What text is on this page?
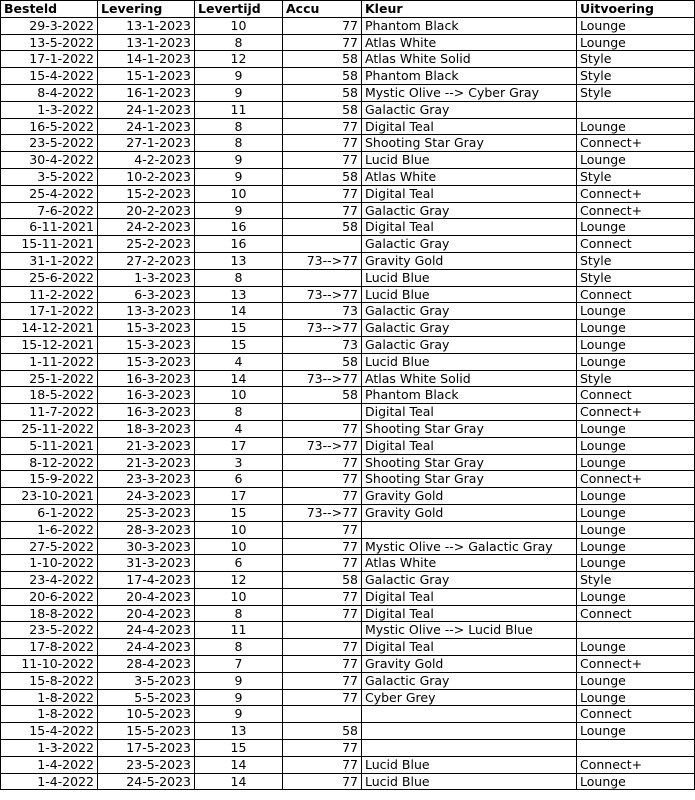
Besteld	Levering	Levertijd	Accu	Kleur	Uitvoering
29-3-2022	13-1-2023	10	77	Phantom Black	Lounge
13-5-2022	13-1-2023	8	77	Atlas White	Lounge
17-1-2022	14-1-2023	12	58	Atlas White Solid	Style
15-4-2022	15-1-2023	9	58	Phantom Black	Style
8-4-2022	16-1-2023	9	58	Mystic Olive --> Cyber Gray	Style
1-3-2022	24-1-2023	11	58	Galactic Gray	
16-5-2022	24-1-2023	8	77	Digital Teal	Lounge
23-5-2022	27-1-2023	8	77	Shooting Star Gray	Connect+
30-4-2022	4-2-2023	9	77	Lucid Blue	Lounge
3-5-2022	10-2-2023	9	58	Atlas White	Style
25-4-2022	15-2-2023	10	77	Digital Teal	Connect+
7-6-2022	20-2-2023	9	77	Galactic Gray	Connect+
6-11-2021	24-2-2023	16	58	Digital Teal	Lounge
15-11-2021	25-2-2023	16		Galactic Gray	Connect
31-1-2022	27-2-2023	13	73-->77	Gravity Gold	Style
25-6-2022	1-3-2023	8		Lucid Blue	Style
11-2-2022	6-3-2023	13	73-->77	Lucid Blue	Connect
17-1-2022	13-3-2023	14	73	Galactic Gray	Lounge
14-12-2021	15-3-2023	15	73-->77	Galactic Gray	Lounge
15-12-2021	15-3-2023	15	73	Galactic Gray	Lounge
1-11-2022	15-3-2023	4	58	Lucid Blue	Lounge
25-1-2022	16-3-2023	14	73-->77	Atlas White Solid	Style
18-5-2022	16-3-2023	10	58	Phantom Black	Connect
11-7-2022	16-3-2023	8		Digital Teal	Connect+
25-11-2022	18-3-2023	4	77	Shooting Star Gray	Lounge
5-11-2021	21-3-2023	17	73-->77	Digital Teal	Lounge
8-12-2022	21-3-2023	3	77	Shooting Star Gray	Lounge
15-9-2022	23-3-2023	6	77	Shooting Star Gray	Connect+
23-10-2021	24-3-2023	17	77	Gravity Gold	Lounge
6-1-2022	25-3-2023	15	73-->77	Gravity Gold	Lounge
1-6-2022	28-3-2023	10	77		Lounge
27-5-2022	30-3-2023	10	77	Mystic Olive --> Galactic Gray	Lounge
1-10-2022	31-3-2023	6	77	Atlas White	Lounge
23-4-2022	17-4-2023	12	58	Galactic Gray	Style
20-6-2022	20-4-2023	10	77	Digital Teal	Lounge
18-8-2022	20-4-2023	8	77	Digital Teal	Connect
23-5-2022	24-4-2023	11		Mystic Olive --> Lucid Blue	
17-8-2022	24-4-2023	8	77	Digital Teal	Lounge
11-10-2022	28-4-2023	7	77	Gravity Gold	Connect+
15-8-2022	3-5-2023	9	77	Galactic Gray	Lounge
1-8-2022	5-5-2023	9	77	Cyber Grey	Lounge
1-8-2022	10-5-2023	9			Connect
15-4-2022	15-5-2023	13	58		Lounge
1-3-2022	17-5-2023	15	77		
1-4-2022	23-5-2023	14	77	Lucid Blue	Connect+
1-4-2022	24-5-2023	14	77	Lucid Blue	Lounge
